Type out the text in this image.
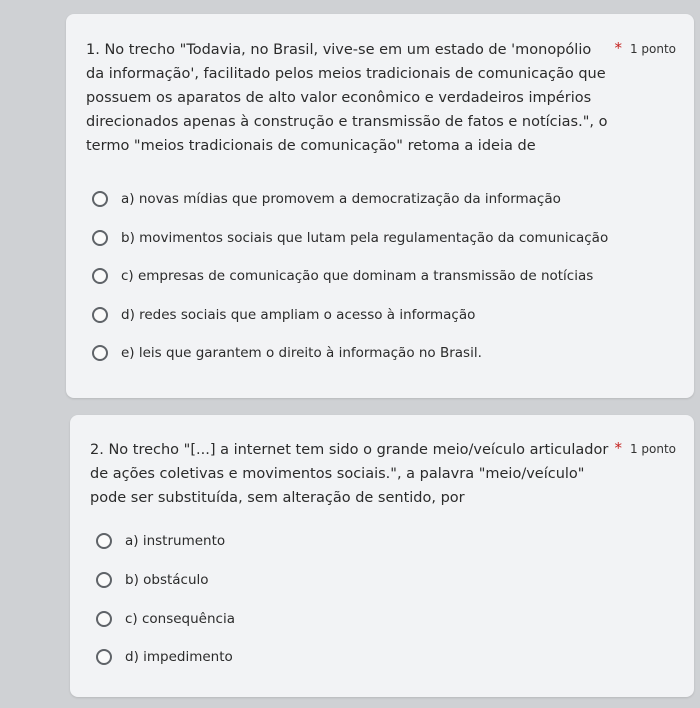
1. No trecho "Todavia, no Brasil, vive-se em um estado de 'monopólio da informação', facilitado pelos meios tradicionais de comunicação que possuem os aparatos de alto valor econômico e verdadeiros impérios direcionados apenas à construção e transmissão de fatos e notícias.", o termo "meios tradicionais de comunicação" retoma a ideia de

* 1 ponto
a) novas mídias que promovem a democratização da informação
b) movimentos sociais que lutam pela regulamentação da comunicação
c) empresas de comunicação que dominam a transmissão de notícias
d) redes sociais que ampliam o acesso à informação
e) leis que garantem o direito à informação no Brasil.

2. No trecho "[...] a internet tem sido o grande meio/veículo articulador de ações coletivas e movimentos sociais.", a palavra "meio/veículo" pode ser substituída, sem alteração de sentido, por

* 1 ponto
a) instrumento
b) obstáculo
c) consequência
d) impedimento
